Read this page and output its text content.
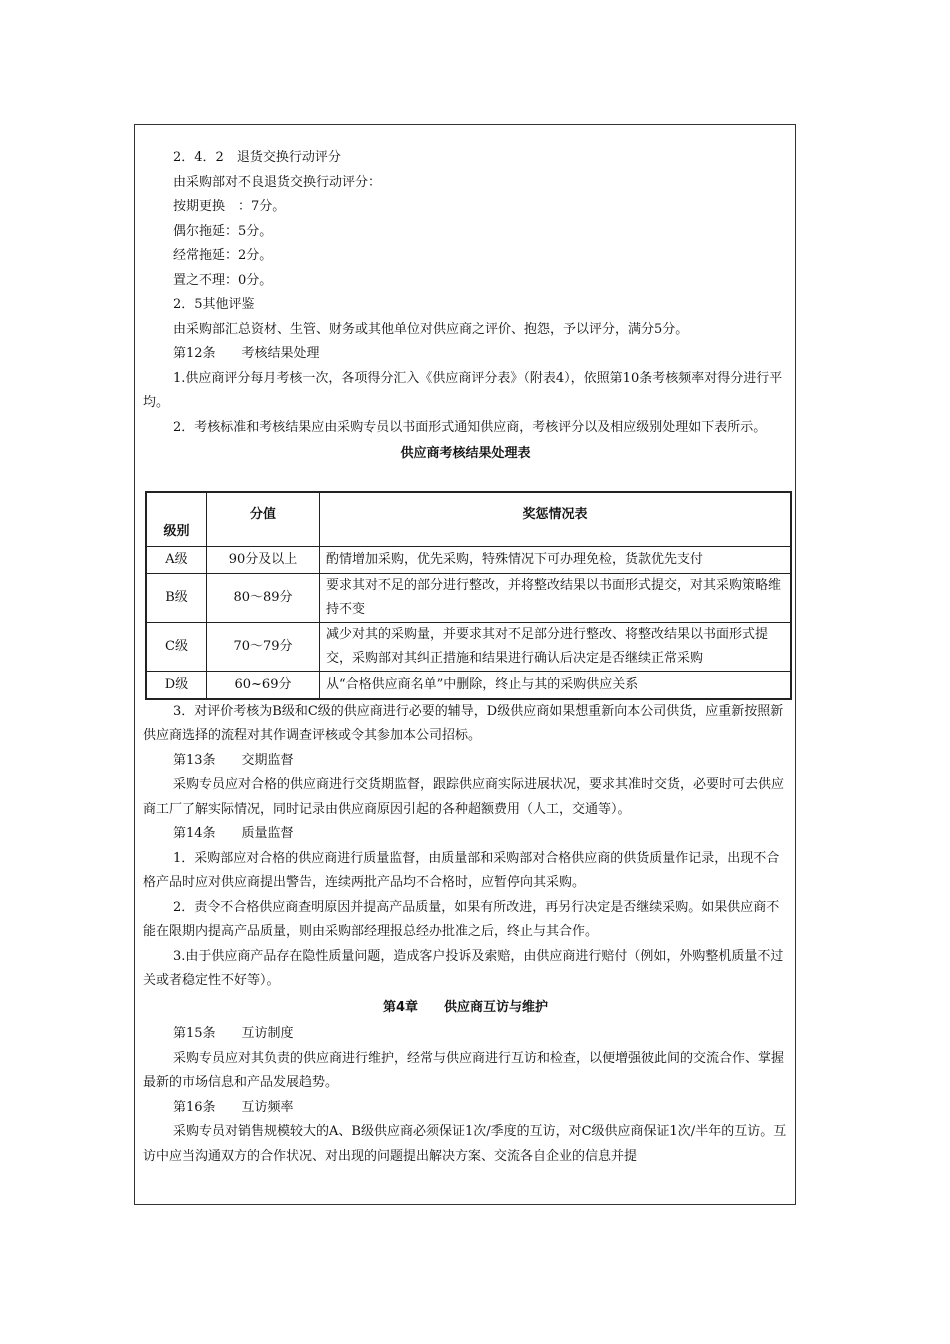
2．4．2　退货交换行动评分

由采购部对不良退货交换行动评分：

按期更换　：7分。

偶尔拖延：5分。

经常拖延：2分。

置之不理：0分。

2．5其他评鉴

由采购部汇总资材、生管、财务或其他单位对供应商之评价、抱怨，予以评分，满分5分。

第12条　　考核结果处理

1.供应商评分每月考核一次，各项得分汇入《供应商评分表》（附表4），依照第10条考核频率对得分进行平均。

2．考核标准和考核结果应由采购专员以书面形式通知供应商，考核评分以及相应级别处理如下表所示。

供应商考核结果处理表

级别	分值	奖惩情况表
A级	90分及以上	酌情增加采购，优先采购，特殊情况下可办理免检，货款优先支付
B级	80～89分	要求其对不足的部分进行整改，并将整改结果以书面形式提交，对其采购策略维持不变
C级	70～79分	减少对其的采购量，并要求其对不足部分进行整改、将整改结果以书面形式提交，采购部对其纠正措施和结果进行确认后决定是否继续正常采购
D级	60~69分	从“合格供应商名单”中删除，终止与其的采购供应关系

3．对评价考核为B级和C级的供应商进行必要的辅导，D级供应商如果想重新向本公司供货，应重新按照新供应商选择的流程对其作调查评核或令其参加本公司招标。

第13条　　交期监督

采购专员应对合格的供应商进行交货期监督，跟踪供应商实际进展状况，要求其准时交货，必要时可去供应商工厂了解实际情况，同时记录由供应商原因引起的各种超额费用（人工，交通等）。

第14条　　质量监督

1．采购部应对合格的供应商进行质量监督，由质量部和采购部对合格供应商的供货质量作记录，出现不合格产品时应对供应商提出警告，连续两批产品均不合格时，应暂停向其采购。

2．责令不合格供应商查明原因并提高产品质量，如果有所改进，再另行决定是否继续采购。如果供应商不能在限期内提高产品质量，则由采购部经理报总经办批准之后，终止与其合作。

3.由于供应商产品存在隐性质量问题，造成客户投诉及索赔，由供应商进行赔付（例如，外购整机质量不过关或者稳定性不好等）。

第4章　　供应商互访与维护

第15条　　互访制度

采购专员应对其负责的供应商进行维护，经常与供应商进行互访和检查，以便增强彼此间的交流合作、掌握最新的市场信息和产品发展趋势。

第16条　　互访频率

采购专员对销售规模较大的A、B级供应商必须保证1次/季度的互访，对C级供应商保证1次/半年的互访。互访中应当沟通双方的合作状况、对出现的问题提出解决方案、交流各自企业的信息并提
